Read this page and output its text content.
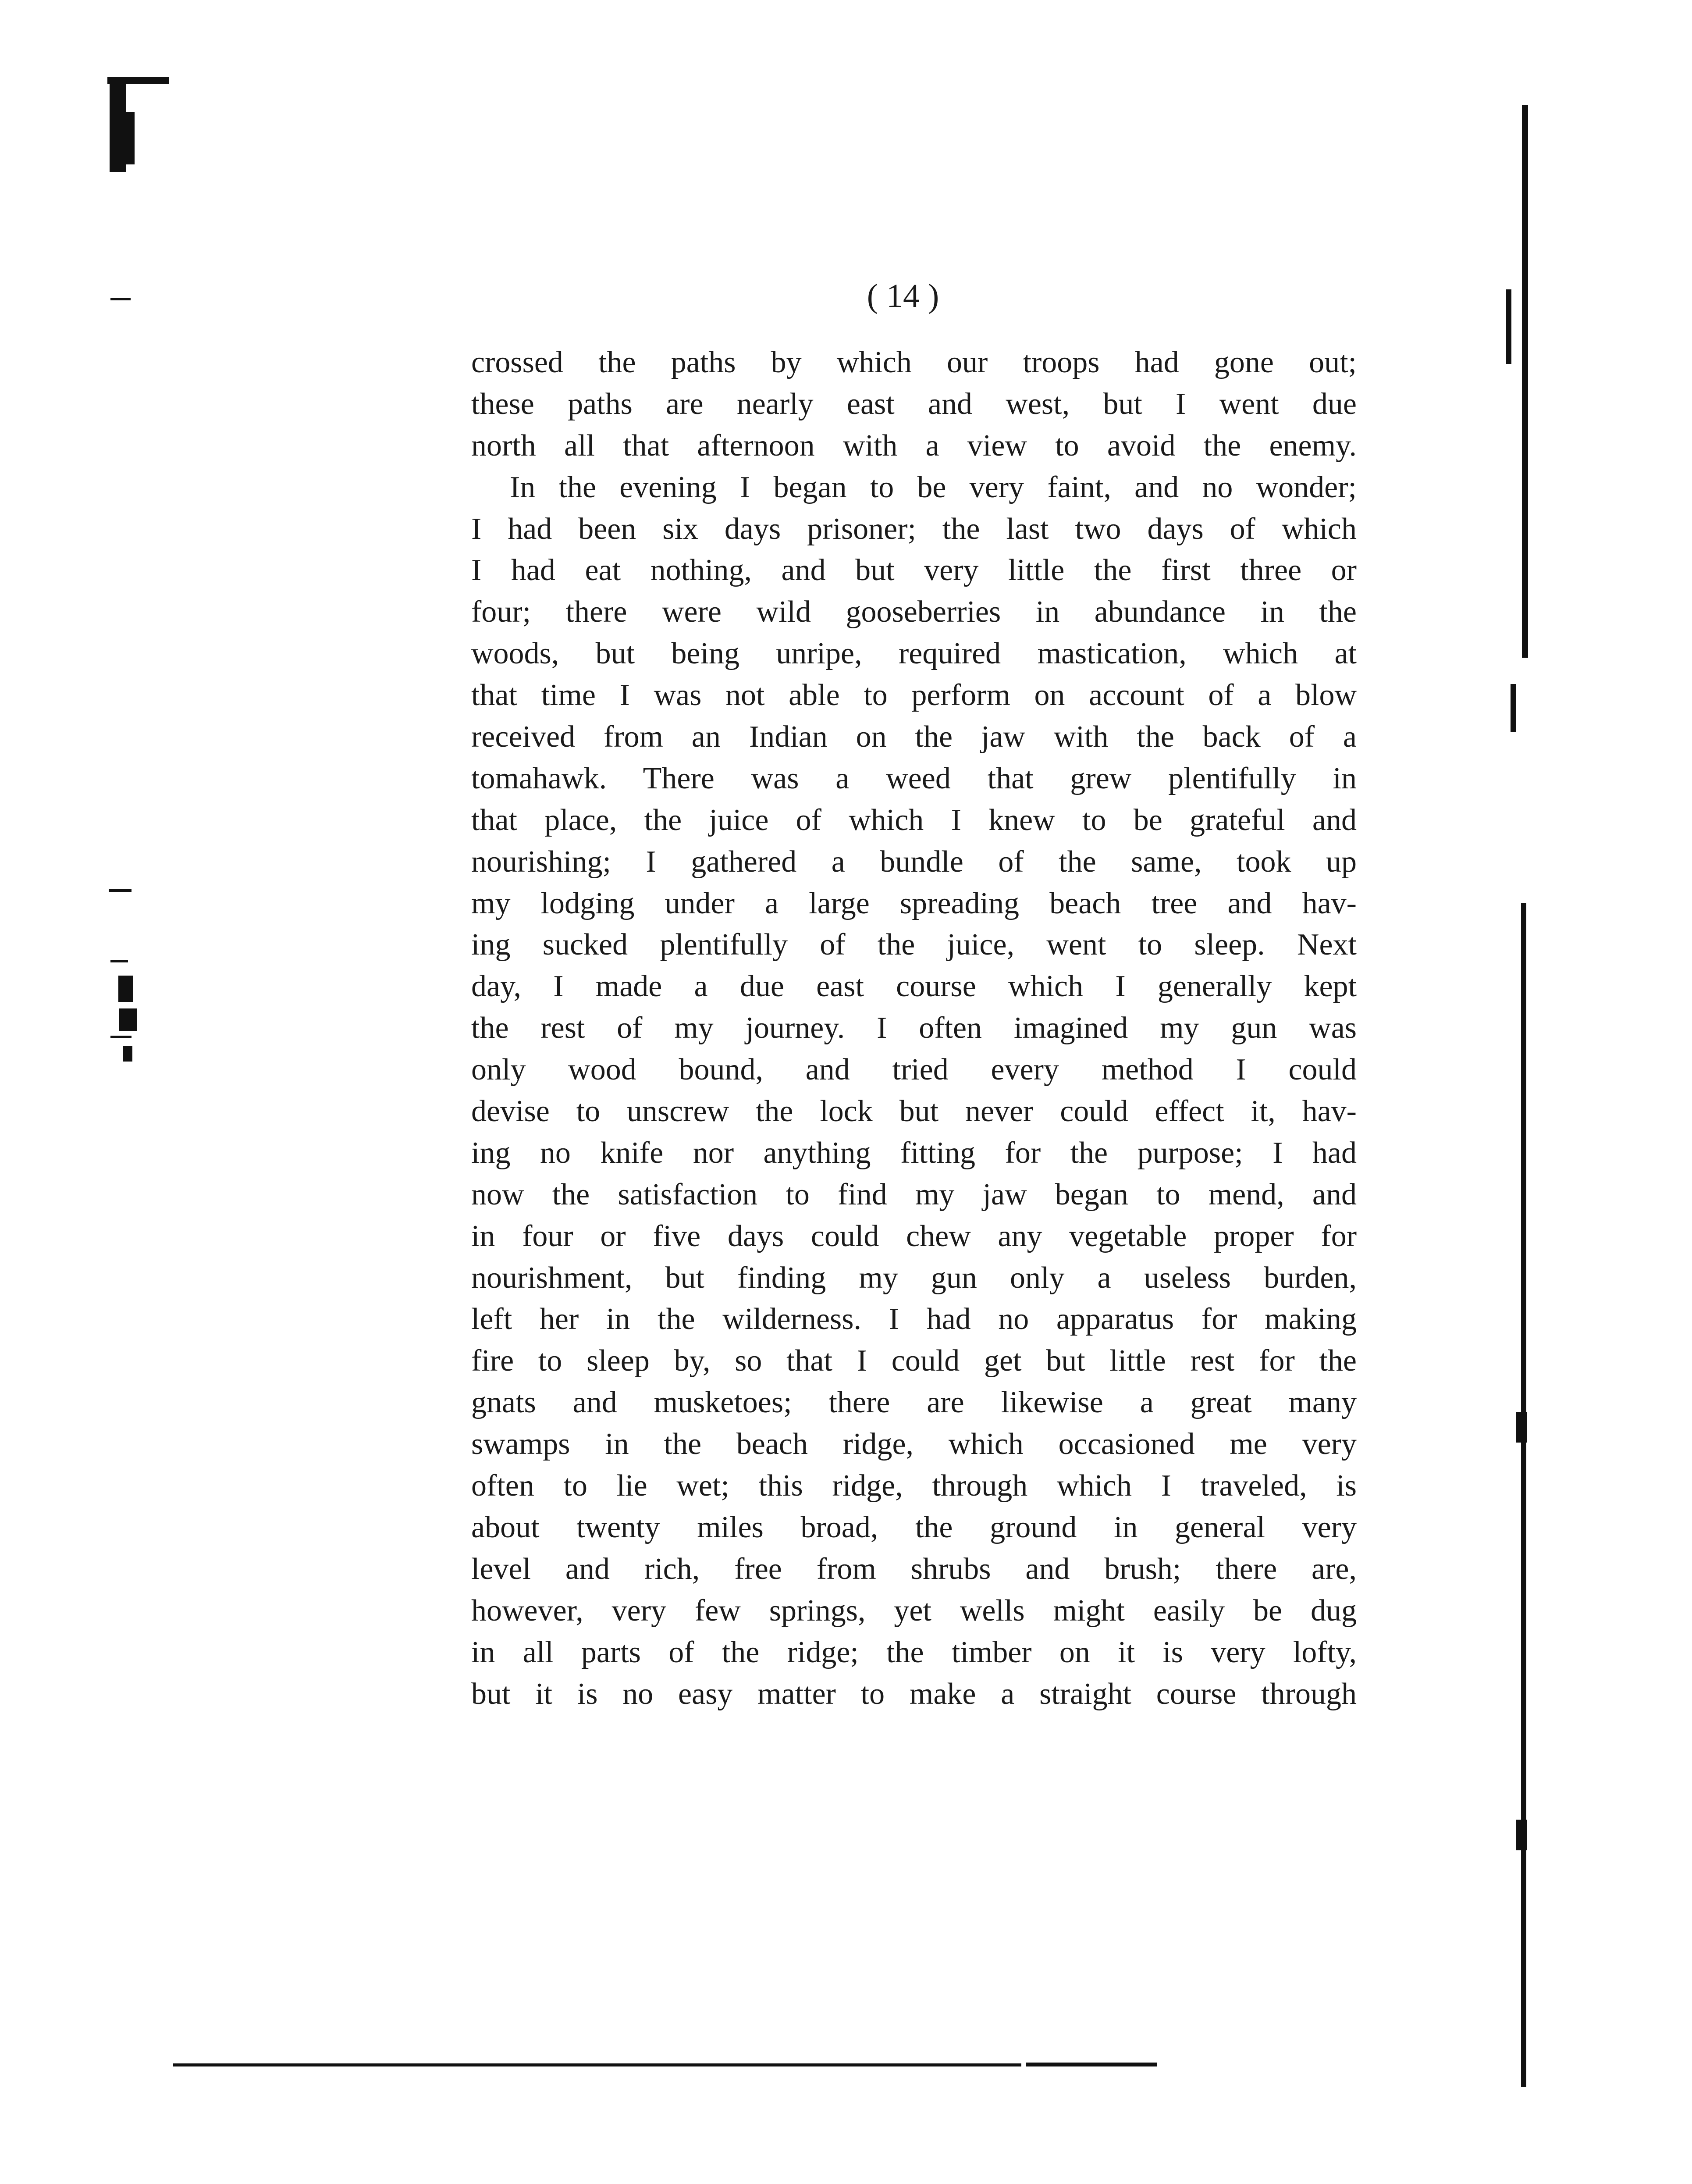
( 14 )
crossed the paths by which our troops had gone out;
these paths are nearly east and west, but I went due
north all that afternoon with a view to avoid the enemy.
In the evening I began to be very faint, and no wonder;
I had been six days prisoner; the last two days of which
I had eat nothing, and but very little the first three or
four; there were wild gooseberries in abundance in the
woods, but being unripe, required mastication, which at
that time I was not able to perform on account of a blow
received from an Indian on the jaw with the back of a
tomahawk. There was a weed that grew plentifully in
that place, the juice of which I knew to be grateful and
nourishing; I gathered a bundle of the same, took up
my lodging under a large spreading beach tree and hav-
ing sucked plentifully of the juice, went to sleep. Next
day, I made a due east course which I generally kept
the rest of my journey. I often imagined my gun was
only wood bound, and tried every method I could
devise to unscrew the lock but never could effect it, hav-
ing no knife nor anything fitting for the purpose; I had
now the satisfaction to find my jaw began to mend, and
in four or five days could chew any vegetable proper for
nourishment, but finding my gun only a useless burden,
left her in the wilderness. I had no apparatus for making
fire to sleep by, so that I could get but little rest for the
gnats and musketoes; there are likewise a great many
swamps in the beach ridge, which occasioned me very
often to lie wet; this ridge, through which I traveled, is
about twenty miles broad, the ground in general very
level and rich, free from shrubs and brush; there are,
however, very few springs, yet wells might easily be dug
in all parts of the ridge; the timber on it is very lofty,
but it is no easy matter to make a straight course through
